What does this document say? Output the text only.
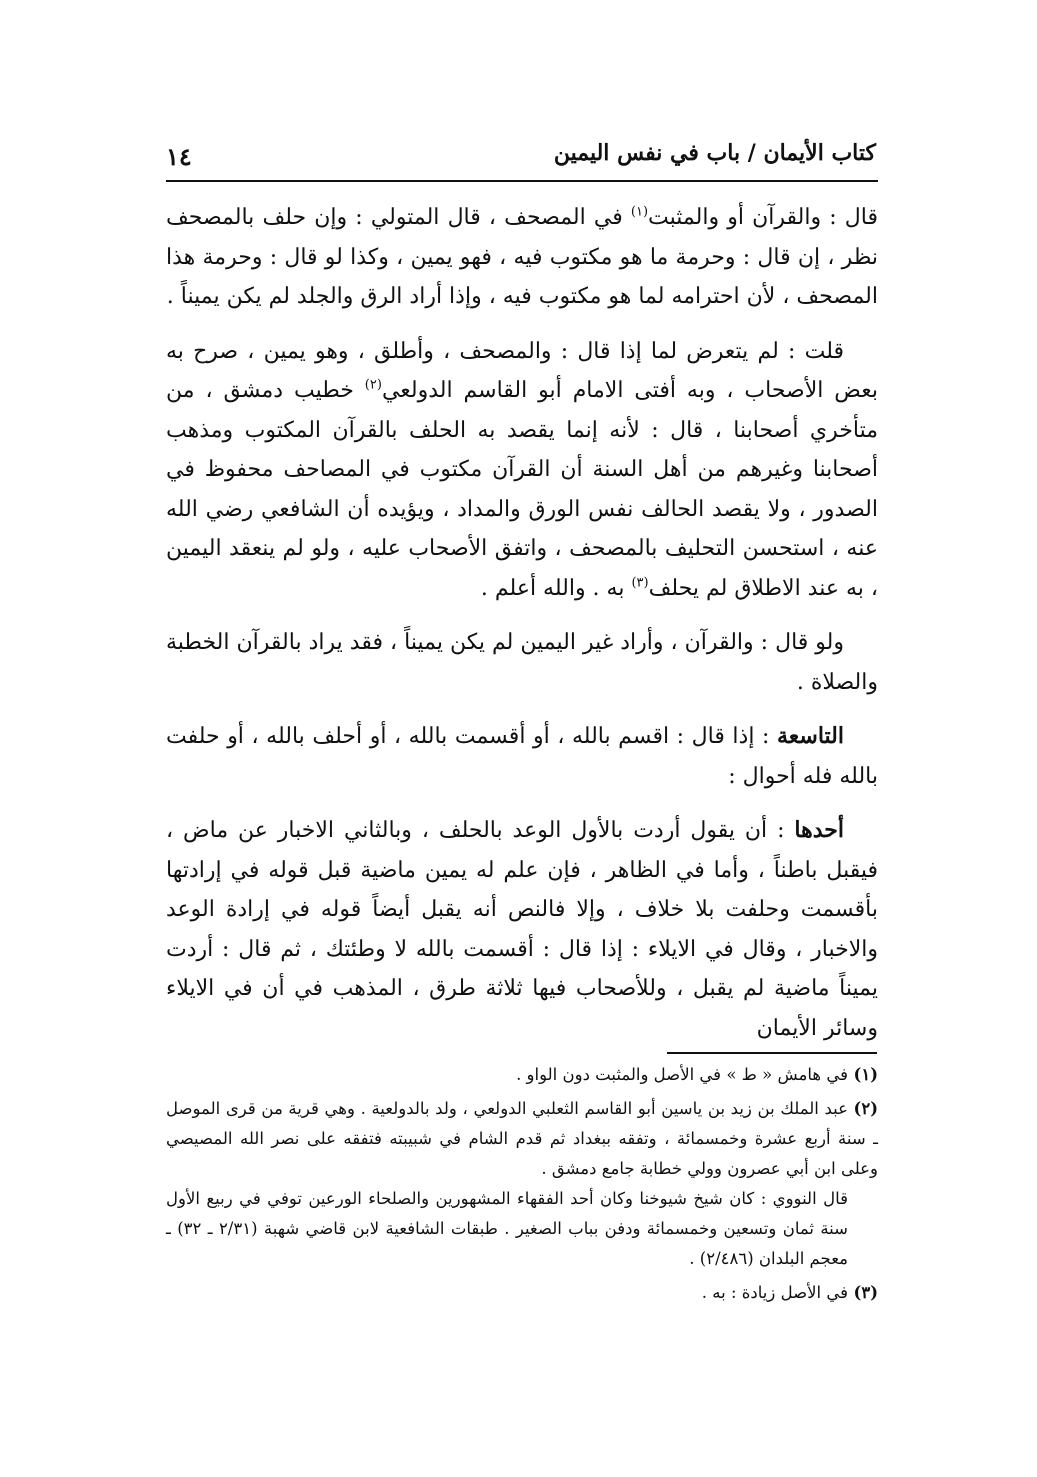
كتاب الأيمان / باب في نفس اليمين
١٤

قال : والقرآن أو والمثبت$^{(١)}$ في المصحف ، قال المتولي : وإن حلف بالمصحف نظر ، إن قال : وحرمة ما هو مكتوب فيه ، فهو يمين ، وكذا لو قال : وحرمة هذا المصحف ، لأن احترامه لما هو مكتوب فيه ، وإذا أراد الرق والجلد لم يكن يميناً .

قلت : لم يتعرض لما إذا قال : والمصحف ، وأطلق ، وهو يمين ، صرح به بعض الأصحاب ، وبه أفتى الامام أبو القاسم الدولعي$^{(٢)}$ خطيب دمشق ، من متأخري أصحابنا ، قال : لأنه إنما يقصد به الحلف بالقرآن المكتوب ومذهب أصحابنا وغيرهم من أهل السنة أن القرآن مكتوب في المصاحف محفوظ في الصدور ، ولا يقصد الحالف نفس الورق والمداد ، ويؤيده أن الشافعي رضي الله عنه ، استحسن التحليف بالمصحف ، واتفق الأصحاب عليه ، ولو لم ينعقد اليمين ، به عند الاطلاق لم يحلف$^{(٣)}$ به . والله أعلم .

ولو قال : والقرآن ، وأراد غير اليمين لم يكن يميناً ، فقد يراد بالقرآن الخطبة والصلاة .

التاسعة : إذا قال : اقسم بالله ، أو أقسمت بالله ، أو أحلف بالله ، أو حلفت بالله فله أحوال :

أحدها : أن يقول أردت بالأول الوعد بالحلف ، وبالثاني الاخبار عن ماض ، فيقبل باطناً ، وأما في الظاهر ، فإن علم له يمين ماضية قبل قوله في إرادتها بأقسمت وحلفت بلا خلاف ، وإلا فالنص أنه يقبل أيضاً قوله في إرادة الوعد والاخبار ، وقال في الايلاء : إذا قال : أقسمت بالله لا وطئتك ، ثم قال : أردت يميناً ماضية لم يقبل ، وللأصحاب فيها ثلاثة طرق ، المذهب في أن في الايلاء وسائر الأيمان

(١)في هامش « ط » في الأصل والمثبت دون الواو .
(٢)عبد الملك بن زيد بن ياسين أبو القاسم الثعلبي الدولعي ، ولد بالدولعية . وهي قرية من قرى الموصل ـ سنة أربع عشرة وخمسمائة ، وتفقه ببغداد ثم قدم الشام في شبيبته فتفقه على نصر الله المصيصي وعلى ابن أبي عصرون وولي خطابة جامع دمشق .
قال النووي : كان شيخ شيوخنا وكان أحد الفقهاء المشهورين والصلحاء الورعين توفي في ربيع الأول سنة ثمان وتسعين وخمسمائة ودفن بباب الصغير . طبقات الشافعية لابن قاضي شهبة (٢/٣١ ـ ٣٢) ـ معجم البلدان (٢/٤٨٦) .
(٣)في الأصل زيادة : به .
